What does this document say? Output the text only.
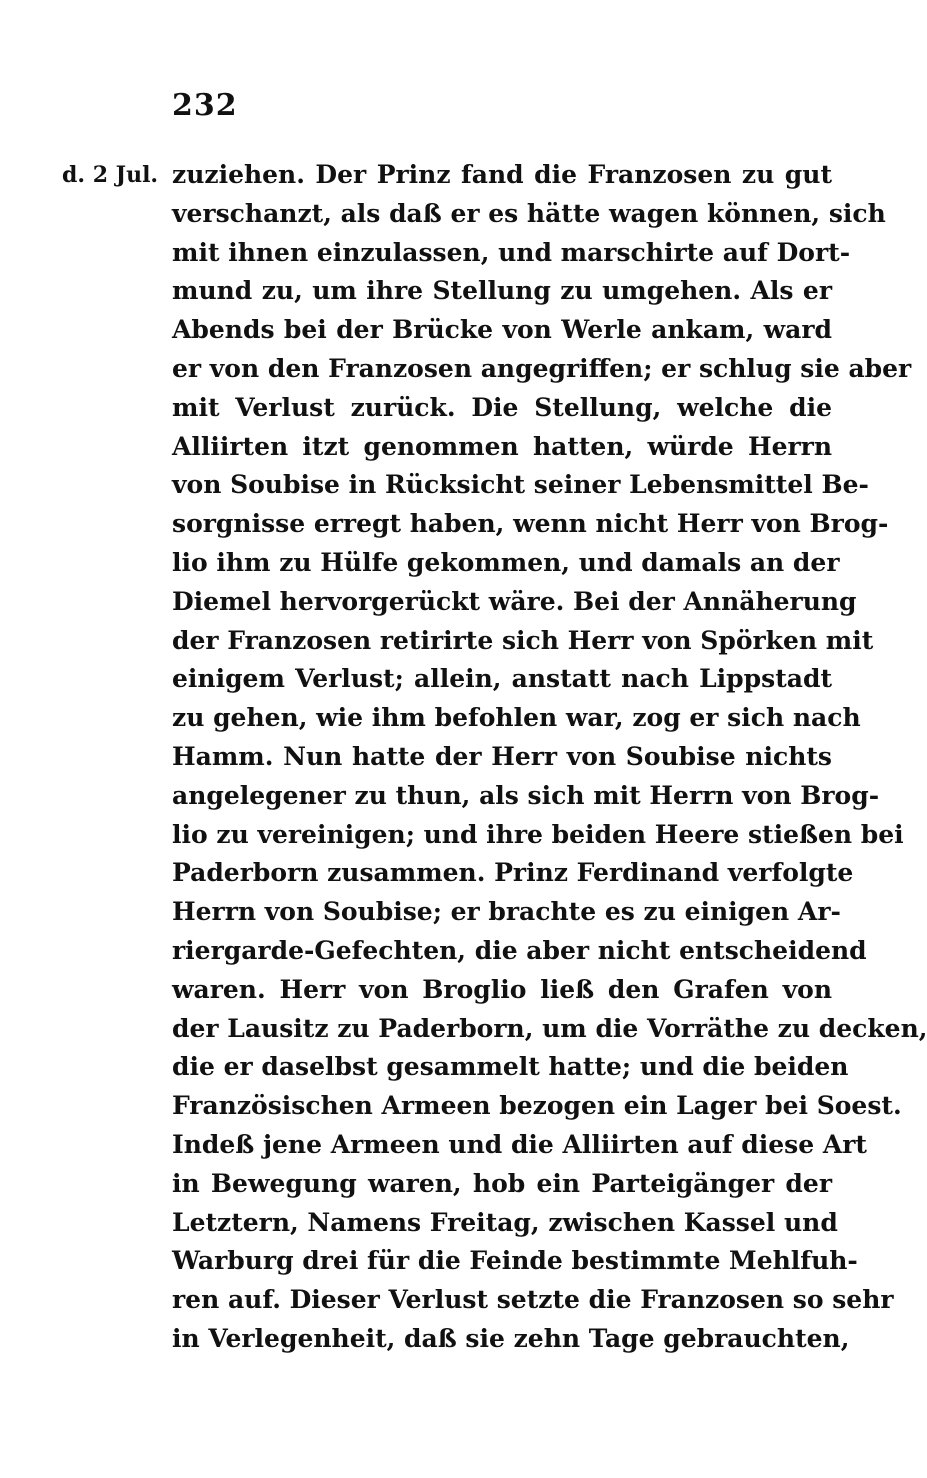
232
d. 2 Jul. zuziehen. Der Prinz fand die Franzosen zu gut
verschanzt, als daß er es hätte wagen können, sich
mit ihnen einzulassen, und marschirte auf Dort-
mund zu, um ihre Stellung zu umgehen. Als er
Abends bei der Brücke von Werle ankam, ward
er von den Franzosen angegriffen; er schlug sie aber
mit Verlust zurück. Die Stellung, welche die
Alliirten itzt genommen hatten, würde Herrn
von Soubise in Rücksicht seiner Lebensmittel Be-
sorgnisse erregt haben, wenn nicht Herr von Brog-
lio ihm zu Hülfe gekommen, und damals an der
Diemel hervorgerückt wäre. Bei der Annäherung
der Franzosen retirirte sich Herr von Spörken mit
einigem Verlust; allein, anstatt nach Lippstadt
zu gehen, wie ihm befohlen war, zog er sich nach
Hamm. Nun hatte der Herr von Soubise nichts
angelegener zu thun, als sich mit Herrn von Brog-
lio zu vereinigen; und ihre beiden Heere stießen bei
Paderborn zusammen. Prinz Ferdinand verfolgte
Herrn von Soubise; er brachte es zu einigen Ar-
riergarde-Gefechten, die aber nicht entscheidend
waren. Herr von Broglio ließ den Grafen von
der Lausitz zu Paderborn, um die Vorräthe zu decken,
die er daselbst gesammelt hatte; und die beiden
Französischen Armeen bezogen ein Lager bei Soest.
Indeß jene Armeen und die Alliirten auf diese Art
in Bewegung waren, hob ein Parteigänger der
Letztern, Namens Freitag, zwischen Kassel und
Warburg drei für die Feinde bestimmte Mehlfuh-
ren auf. Dieser Verlust setzte die Franzosen so sehr
in Verlegenheit, daß sie zehn Tage gebrauchten,
